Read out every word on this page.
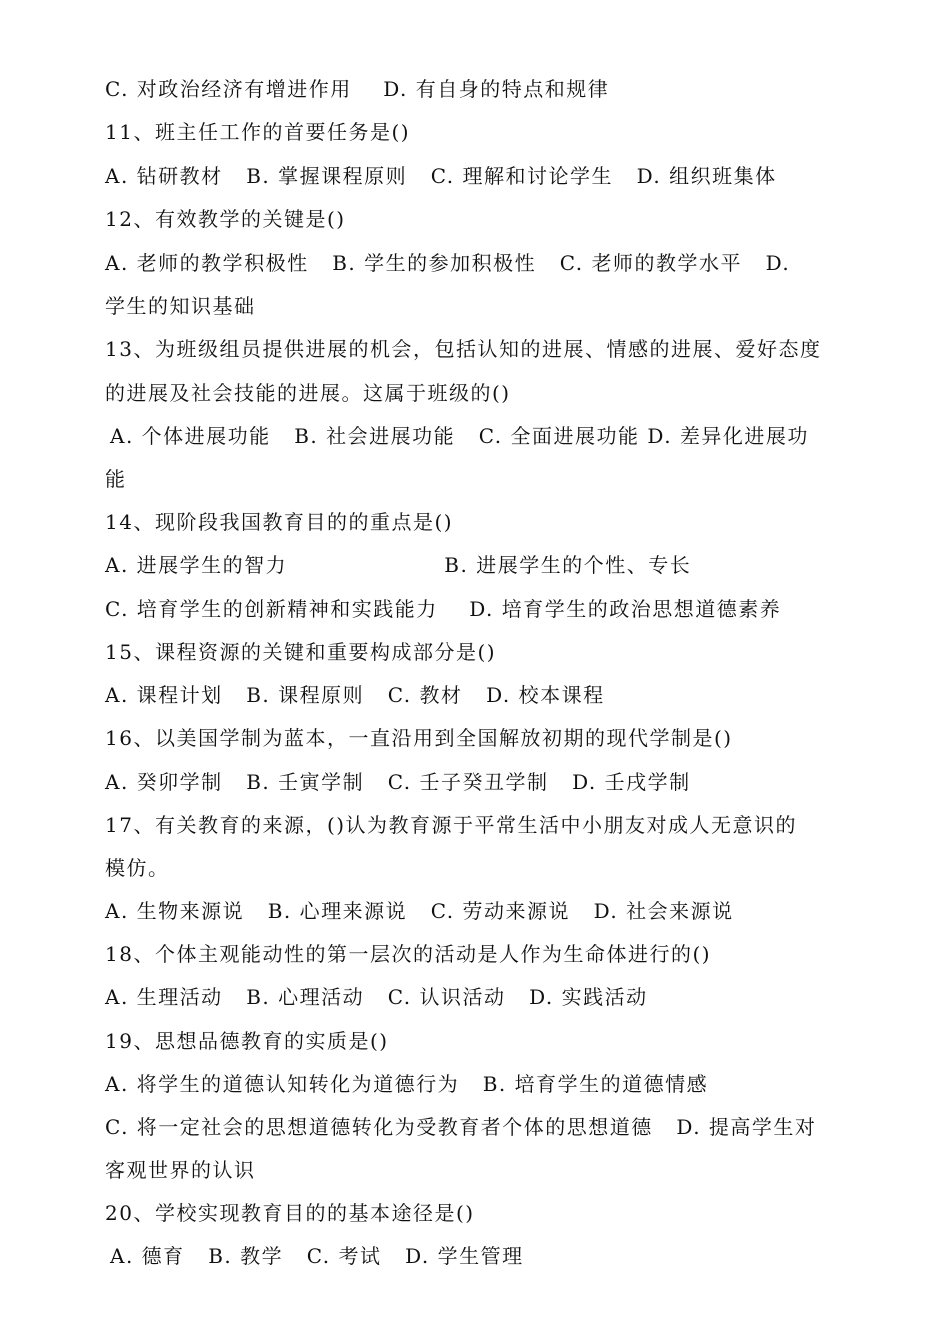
C. 对政治经济有增进作用    D. 有自身的特点和规律
11、班主任工作的首要任务是()
A. 钻研教材   B. 掌握课程原则   C. 理解和讨论学生   D. 组织班集体
12、有效教学的关键是()
A. 老师的教学积极性   B. 学生的参加积极性   C. 老师的教学水平   D.
学生的知识基础
13、为班级组员提供进展的机会，包括认知的进展、情感的进展、爱好态度
的进展及社会技能的进展。这属于班级的()
A. 个体进展功能   B. 社会进展功能   C. 全面进展功能 D. 差异化进展功
能
14、现阶段我国教育目的的重点是()
A. 进展学生的智力                    B. 进展学生的个性、专长
C. 培育学生的创新精神和实践能力    D. 培育学生的政治思想道德素养
15、课程资源的关键和重要构成部分是()
A. 课程计划   B. 课程原则   C. 教材   D. 校本课程
16、以美国学制为蓝本，一直沿用到全国解放初期的现代学制是()
A. 癸卯学制   B. 壬寅学制   C. 壬子癸丑学制   D. 壬戌学制
17、有关教育的来源，()认为教育源于平常生活中小朋友对成人无意识的
模仿。
A. 生物来源说   B. 心理来源说   C. 劳动来源说   D. 社会来源说
18、个体主观能动性的第一层次的活动是人作为生命体进行的()
A. 生理活动   B. 心理活动   C. 认识活动   D. 实践活动
19、思想品德教育的实质是()
A. 将学生的道德认知转化为道德行为   B. 培育学生的道德情感
C. 将一定社会的思想道德转化为受教育者个体的思想道德   D. 提高学生对
客观世界的认识
20、学校实现教育目的的基本途径是()
A. 德育   B. 教学   C. 考试   D. 学生管理
